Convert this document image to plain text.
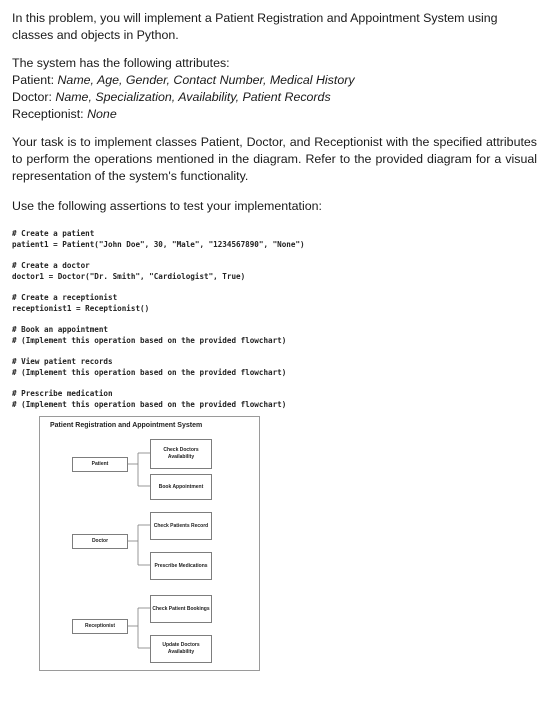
In this problem, you will implement a Patient Registration and Appointment System using classes and objects in Python.

The system has the following attributes:
Patient: Name, Age, Gender, Contact Number, Medical History
Doctor: Name, Specialization, Availability, Patient Records
Receptionist: None

Your task is to implement classes Patient, Doctor, and Receptionist with the specified attributes to perform the operations mentioned in the diagram. Refer to the provided diagram for a visual representation of the system's functionality.

Use the following assertions to test your implementation:

# Create a patient
patient1 = Patient("John Doe", 30, "Male", "1234567890", "None")
# Create a doctor
doctor1 = Doctor("Dr. Smith", "Cardiologist", True)
# Create a receptionist
receptionist1 = Receptionist()
# Book an appointment
# (Implement this operation based on the provided flowchart)
# View patient records
# (Implement this operation based on the provided flowchart)
# Prescribe medication
# (Implement this operation based on the provided flowchart)
Patient Registration and Appointment System
Patient
Doctor
Receptionist
Check Doctors Availability
Book Appointment
Check Patients Record
Prescribe Medications
Check Patient Bookings
Update Doctors Availability
